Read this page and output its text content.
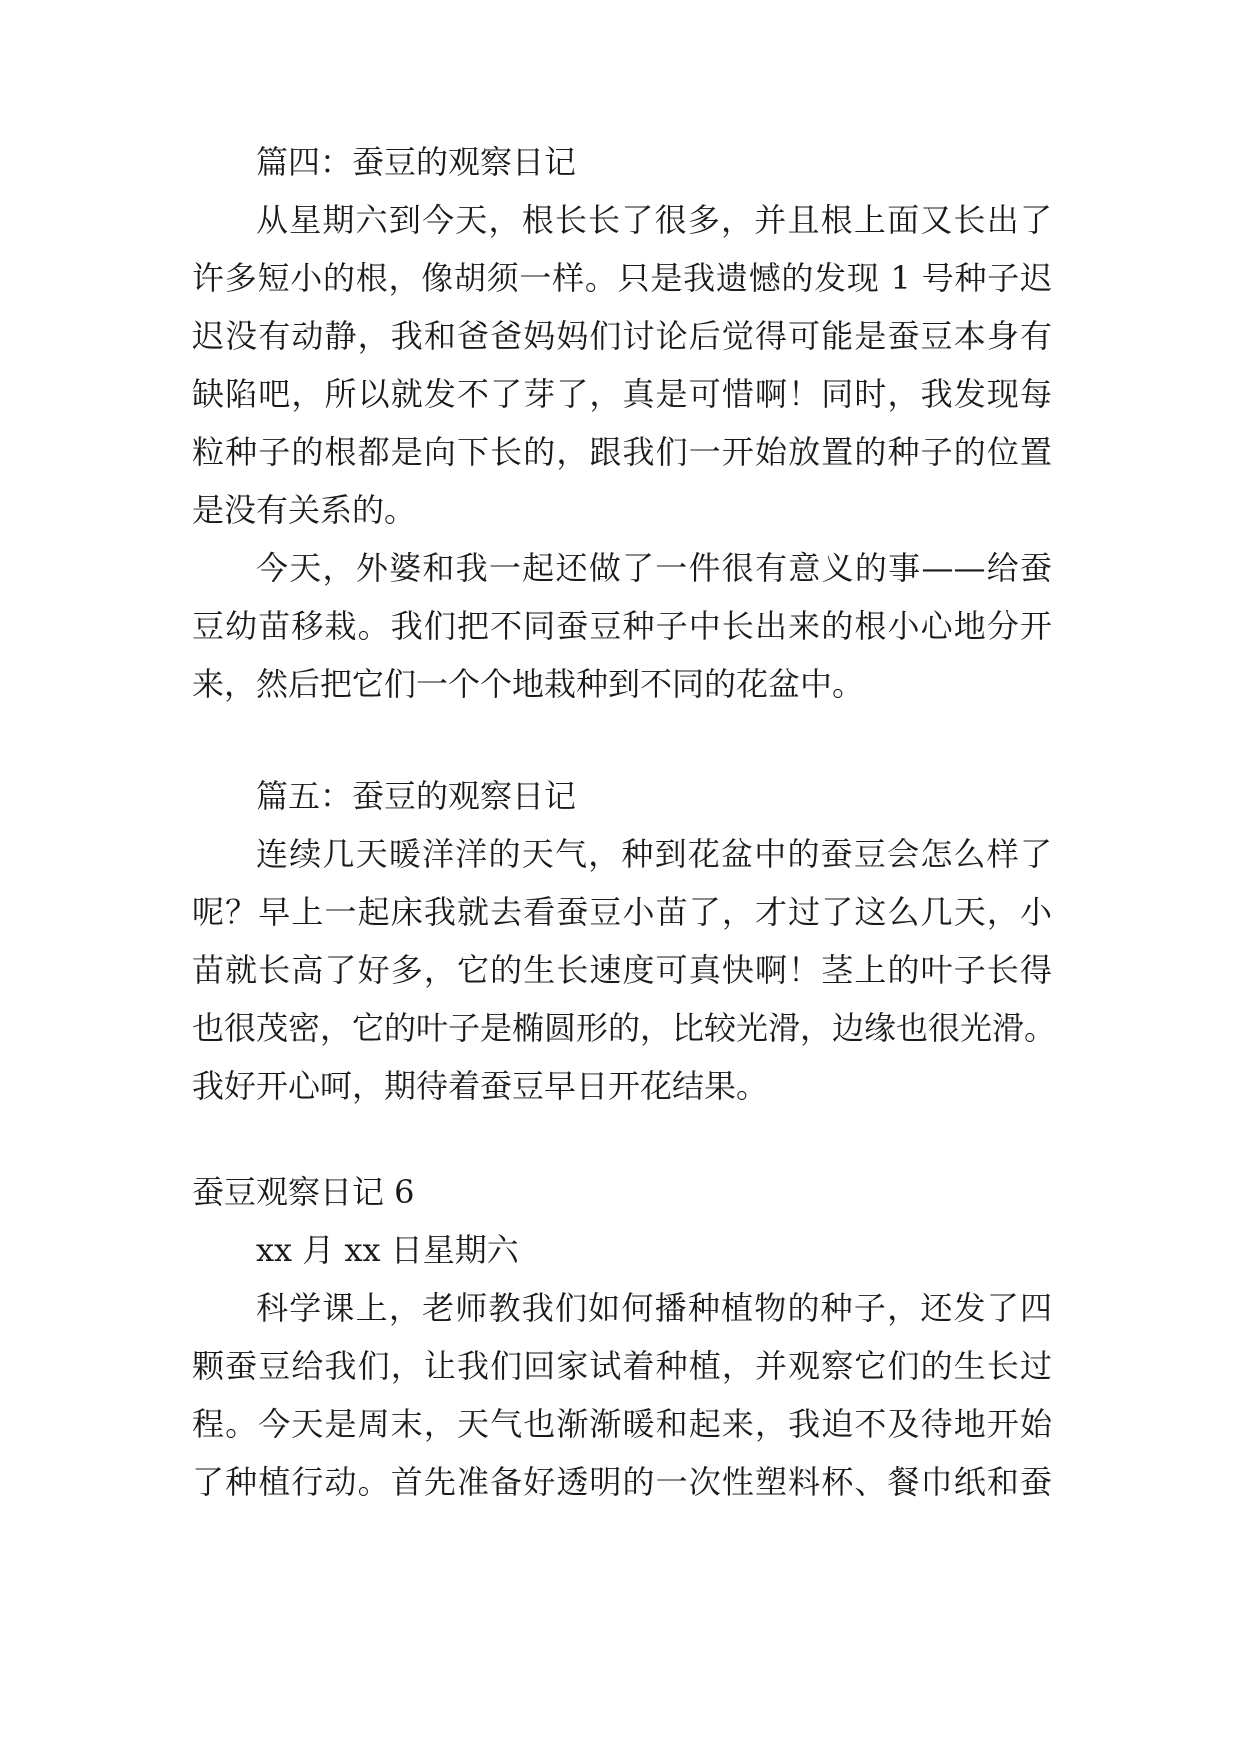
篇四：蚕豆的观察日记
从星期六到今天，根长长了很多，并且根上面又长出了
许多短小的根，像胡须一样。只是我遗憾的发现 1 号种子迟
迟没有动静，我和爸爸妈妈们讨论后觉得可能是蚕豆本身有
缺陷吧，所以就发不了芽了，真是可惜啊！同时，我发现每
粒种子的根都是向下长的，跟我们一开始放置的种子的位置
是没有关系的。
今天，外婆和我一起还做了一件很有意义的事——给蚕
豆幼苗移栽。我们把不同蚕豆种子中长出来的根小心地分开
来，然后把它们一个个地栽种到不同的花盆中。
篇五：蚕豆的观察日记
连续几天暖洋洋的天气，种到花盆中的蚕豆会怎么样了
呢？早上一起床我就去看蚕豆小苗了，才过了这么几天，小
苗就长高了好多，它的生长速度可真快啊！茎上的叶子长得
也很茂密，它的叶子是椭圆形的，比较光滑，边缘也很光滑。
我好开心呵，期待着蚕豆早日开花结果。
蚕豆观察日记 6
xx 月 xx 日星期六
科学课上，老师教我们如何播种植物的种子，还发了四
颗蚕豆给我们，让我们回家试着种植，并观察它们的生长过
程。今天是周末，天气也渐渐暖和起来，我迫不及待地开始
了种植行动。首先准备好透明的一次性塑料杯、餐巾纸和蚕
